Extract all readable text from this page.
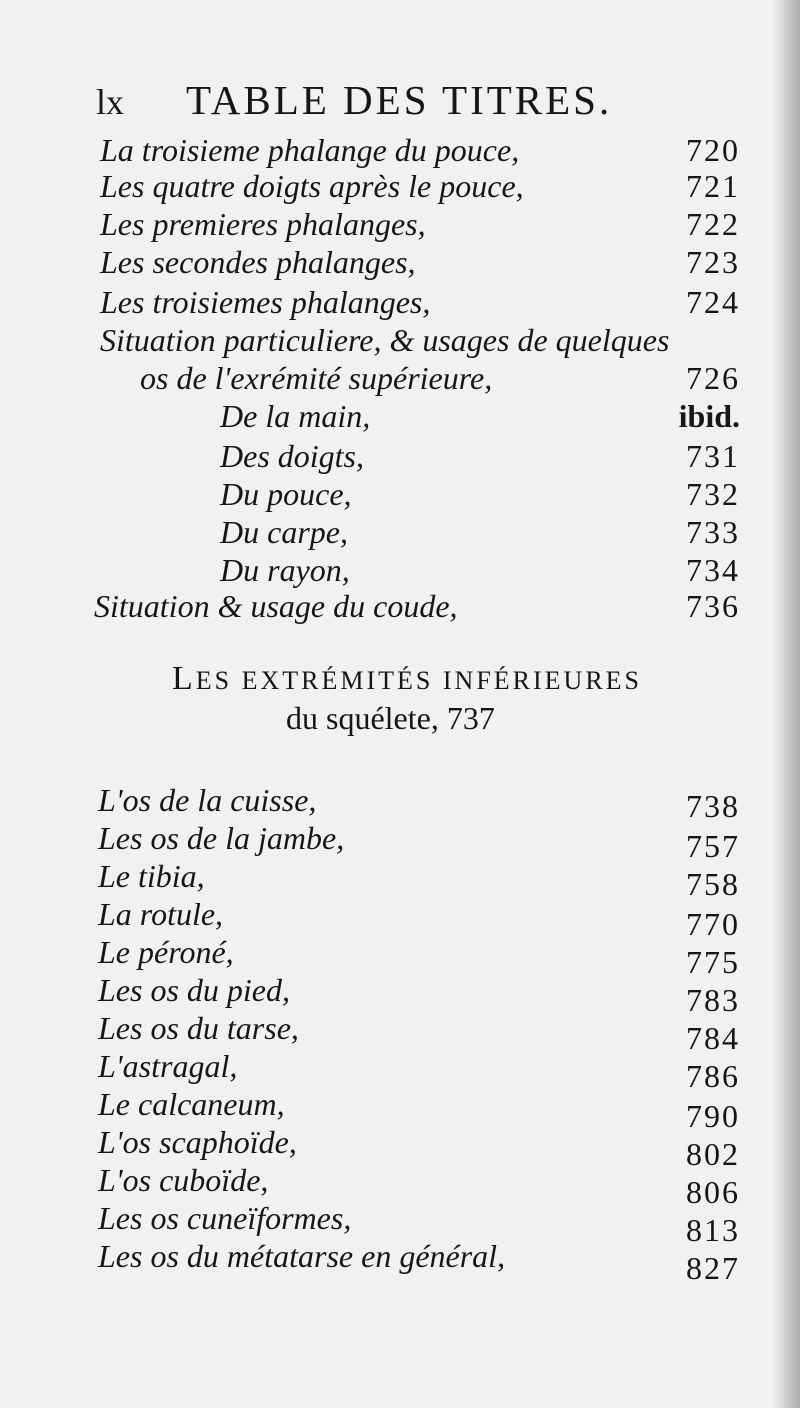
lx TABLE DES TITRES.
La troisieme phalange du pouce,	720
Les quatre doigts après le pouce,	721
Les premieres phalanges,	722
Les secondes phalanges,	723
Les troisiemes phalanges,	724
Situation particuliere, & usages de quelques
os de l'exrémité supérieure,	726
De la main,	ibid.
Des doigts,	731
Du pouce,	732
Du carpe,	733
Du rayon,	734
Situation & usage du coude,	736
LES EXTRÉMITÉS INFÉRIEURES
du squélete, 737
L'os de la cuisse,	738
Les os de la jambe,	757
Le tibia,	758
La rotule,	770
Le péroné,	775
Les os du pied,	783
Les os du tarse,	784
L'astragal,	786
Le calcaneum,	790
L'os scaphoïde,	802
L'os cuboïde,	806
Les os cuneïformes,	813
Les os du métatarse en général,	827
